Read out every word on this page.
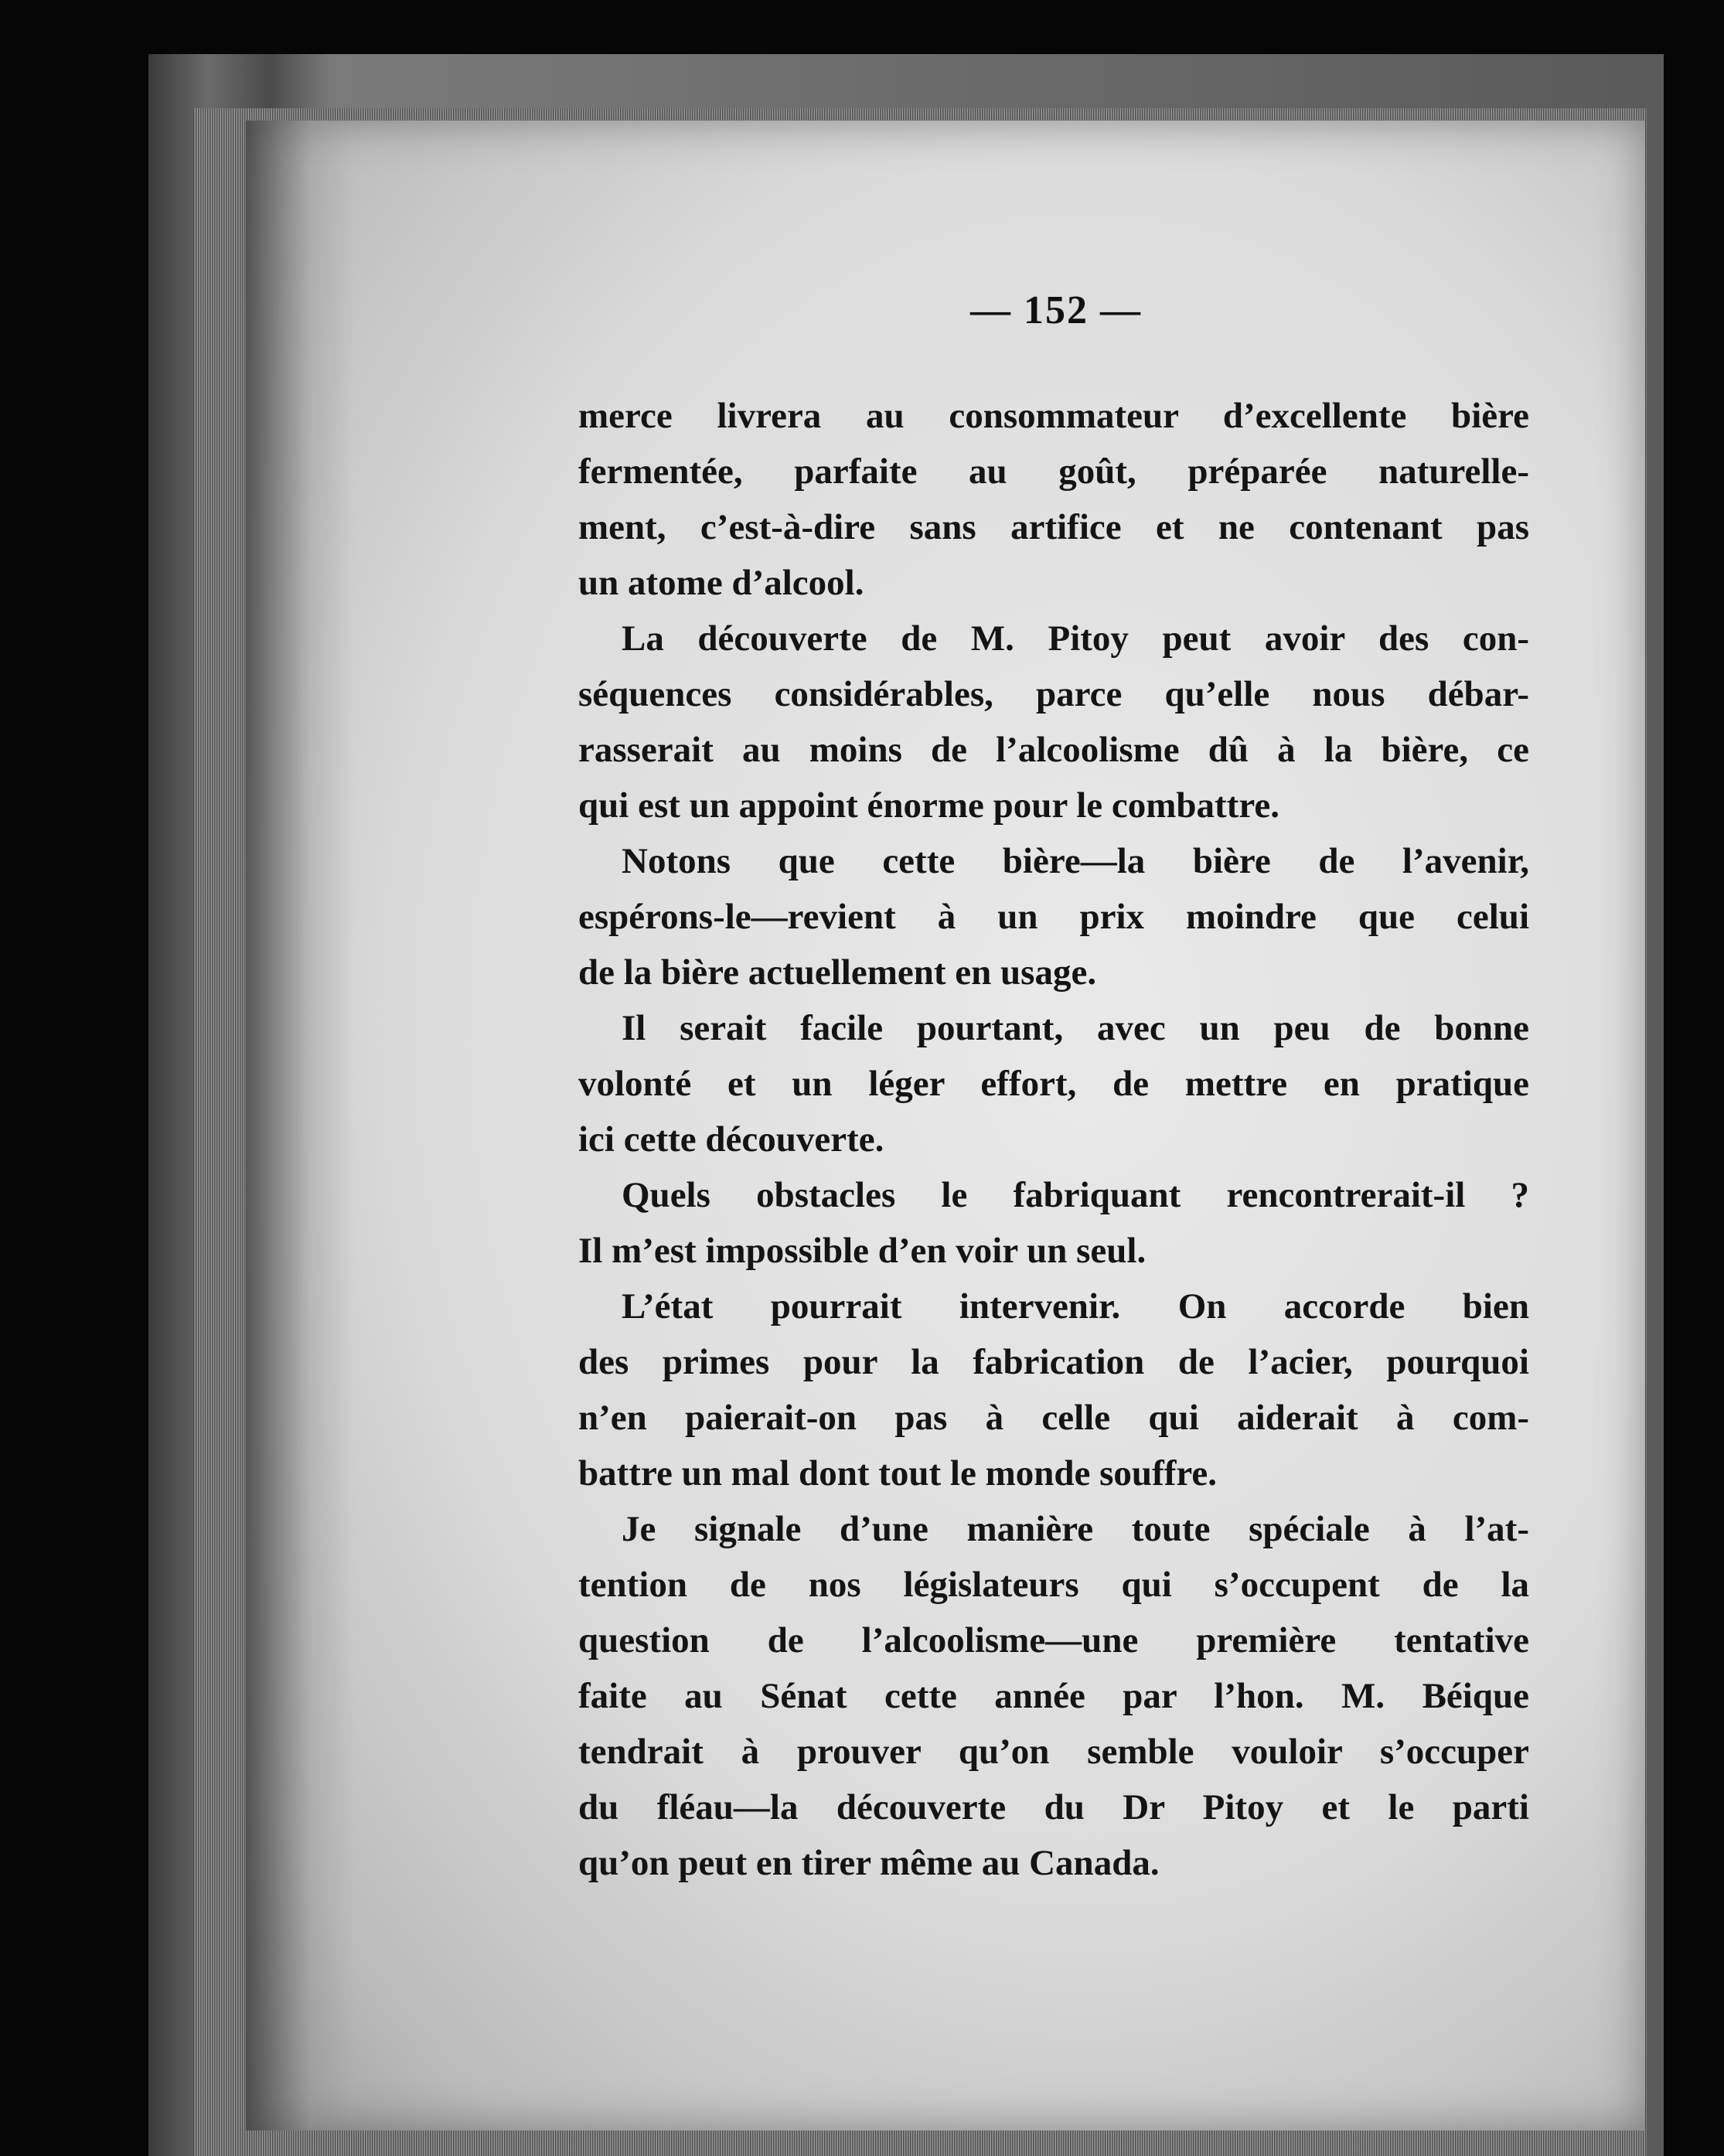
— 152 —
merce livrera au consommateur d’excellente bière
fermentée, parfaite au goût, préparée naturelle-
ment, c’est-à-dire sans artifice et ne contenant pas
un atome d’alcool.
La découverte de M. Pitoy peut avoir des con-
séquences considérables, parce qu’elle nous débar-
rasserait au moins de l’alcoolisme dû à la bière, ce
qui est un appoint énorme pour le combattre.
Notons que cette bière—la bière de l’avenir,
espérons-le—revient à un prix moindre que celui
de la bière actuellement en usage.
Il serait facile pourtant, avec un peu de bonne
volonté et un léger effort, de mettre en pratique
ici cette découverte.
Quels obstacles le fabriquant rencontrerait-il ?
Il m’est impossible d’en voir un seul.
L’état pourrait intervenir. On accorde bien
des primes pour la fabrication de l’acier, pourquoi
n’en paierait-on pas à celle qui aiderait à com-
battre un mal dont tout le monde souffre.
Je signale d’une manière toute spéciale à l’at-
tention de nos législateurs qui s’occupent de la
question de l’alcoolisme—une première tentative
faite au Sénat cette année par l’hon. M. Béique
tendrait à prouver qu’on semble vouloir s’occuper
du fléau—la découverte du Dr Pitoy et le parti
qu’on peut en tirer même au Canada.
